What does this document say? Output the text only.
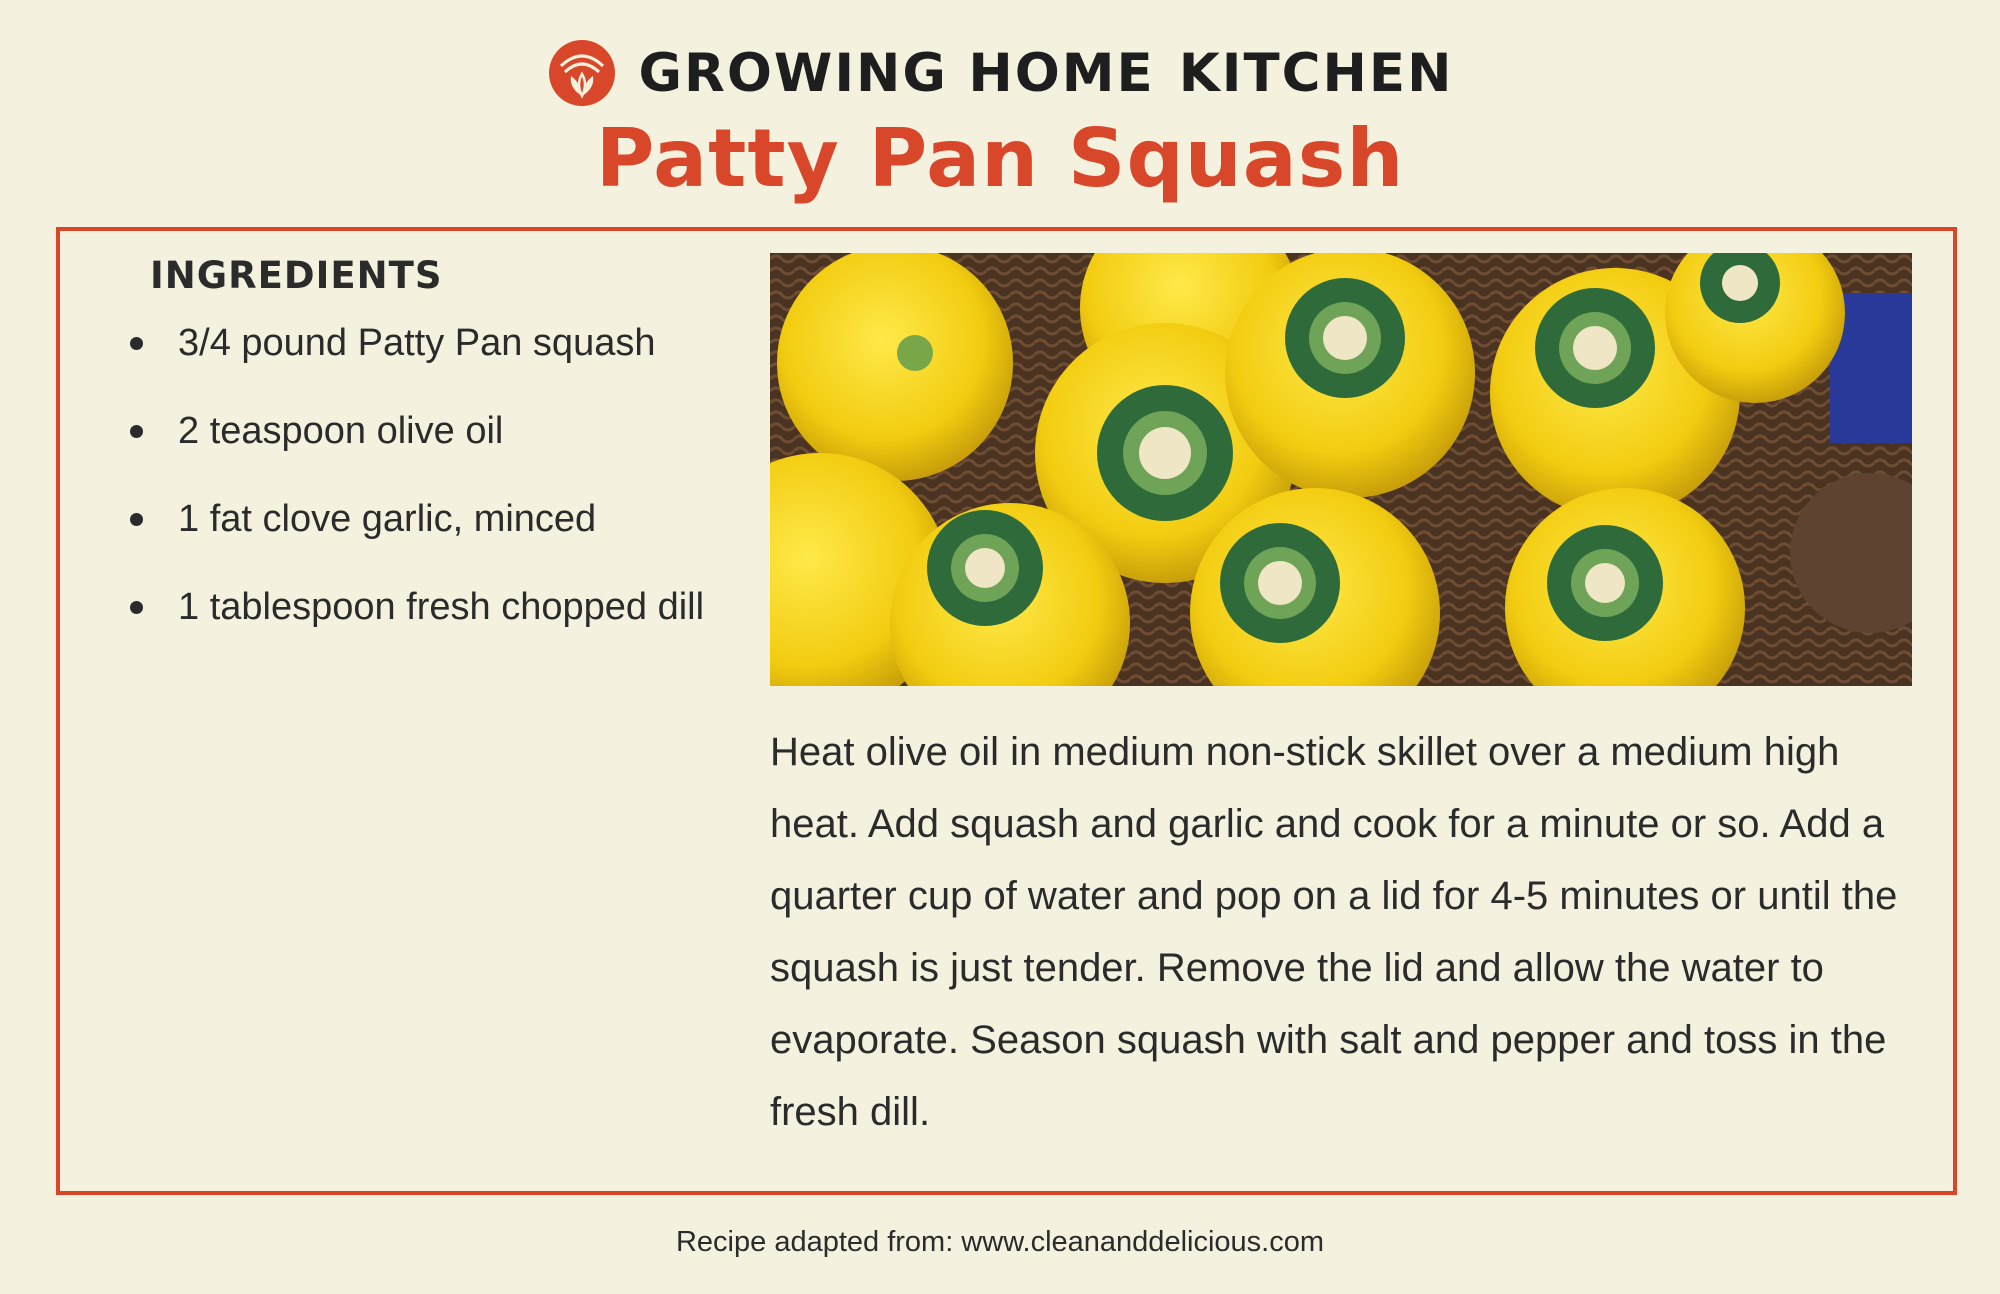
GROWING HOME KITCHEN
Patty Pan Squash
INGREDIENTS
3/4 pound Patty Pan squash
2 teaspoon olive oil
1 fat clove garlic, minced
1 tablespoon fresh chopped dill

Heat olive oil in medium non-stick skillet over a medium high heat. Add squash and garlic and cook for a minute or so. Add a quarter cup of water and pop on a lid for 4-5 minutes or until the squash is just tender. Remove the lid and allow the water to evaporate. Season squash with salt and pepper and toss in the fresh dill.

Recipe adapted from: www.cleananddelicious.com
